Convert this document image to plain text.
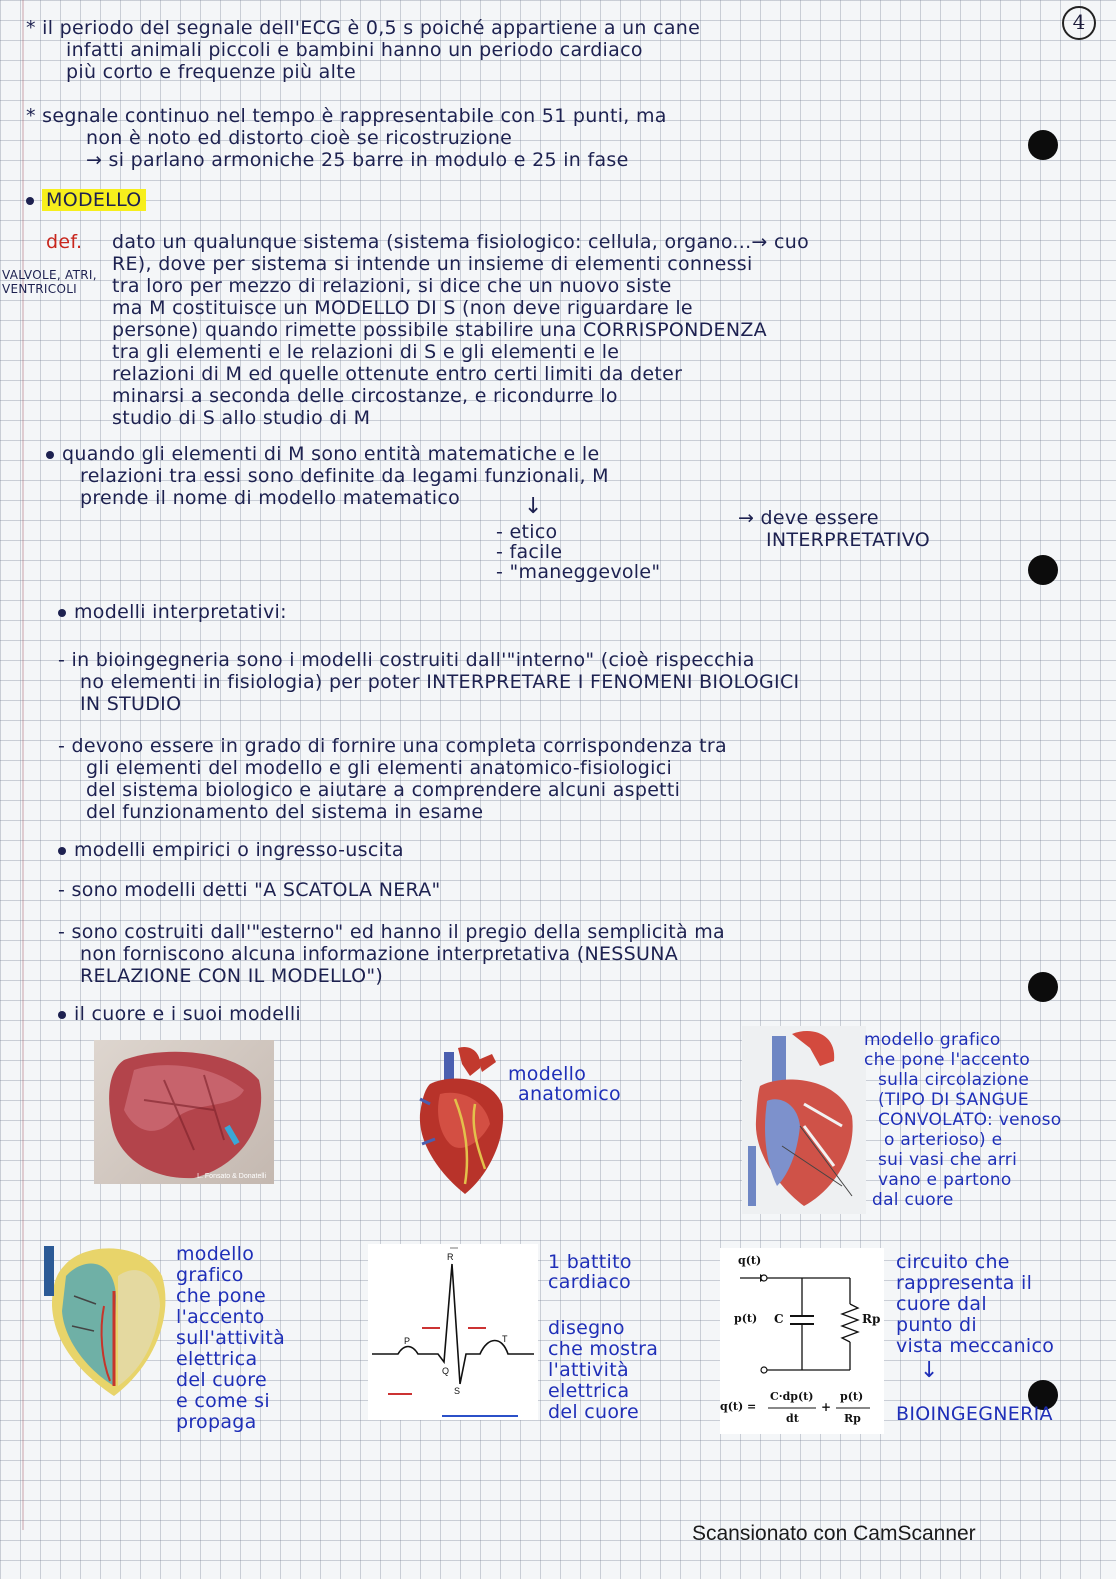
4
* il periodo del segnale dell'ECG è 0,5 s poiché appartiene a un cane
infatti animali piccoli e bambini hanno un periodo cardiaco
più corto e frequenze più alte
* segnale continuo nel tempo è rappresentabile con 51 punti, ma
non è noto ed distorto cioè se ricostruzione
→ si parlano armoniche 25 barre in modulo e 25 in fase
MODELLO
def. dato un qualunque sistema (sistema fisiologico: cellula, organo...→ cuo
RE), dove per sistema si intende un insieme di elementi connessi
tra loro per mezzo di relazioni, si dice che un nuovo siste
ma M costituisce un MODELLO DI S (non deve riguardare le
persone) quando rimette possibile stabilire una CORRISPONDENZA
tra gli elementi e le relazioni di S e gli elementi e le
relazioni di M ed quelle ottenute entro certi limiti da deter
minarsi a seconda delle circostanze, e ricondurre lo
studio di S allo studio di M
VALVOLE, ATRI, VENTRICOLI
quando gli elementi di M sono entità matematiche e le
relazioni tra essi sono definite da legami funzionali, M
prende il nome di modello matematico	↓
- etico
- facile
- "maneggevole"
→ deve essere
INTERPRETATIVO
modelli interpretativi:
- in bioingegneria sono i modelli costruiti dall'"interno" (cioè rispecchia
no elementi in fisiologia) per poter INTERPRETARE I FENOMENI BIOLOGICI
IN STUDIO
- devono essere in grado di fornire una completa corrispondenza tra
gli elementi del modello e gli elementi anatomico-fisiologici
del sistema biologico e aiutare a comprendere alcuni aspetti
del funzionamento del sistema in esame
modelli empirici o ingresso-uscita
- sono modelli detti "A SCATOLA NERA"
- sono costruiti dall'"esterno" ed hanno il pregio della semplicità ma
non forniscono alcuna informazione interpretativa (NESSUNA
RELAZIONE CON IL MODELLO")
il cuore e i suoi modelli
L. Fonsato & Donatelli
modello
anatomico
modello grafico
che pone l'accento
sulla circolazione
(TIPO DI SANGUE
CONVOLATO: venoso
o arterioso) e
sui vasi che arri
vano e partono
dal cuore
modello
grafico
che pone
l'accento
sull'attività
elettrica
del cuore
e come si
propaga
R
P
Q
S
T
1 battito
cardiaco
disegno
che mostra
l'attività
elettrica
del cuore
q(t)
p(t) C	Rp
q(t) =
C·dp(t)
dt
+
p(t)
Rp
circuito che
rappresenta il
cuore dal
punto di
vista meccanico
↓
BIOINGEGNERIA
Scansionato con CamScanner
